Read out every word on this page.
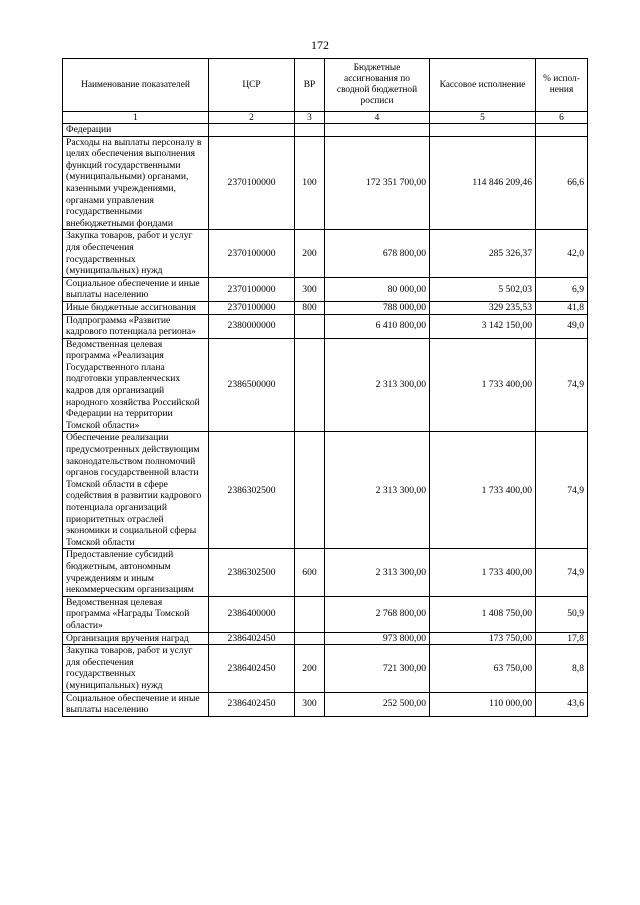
172
Наименование показателей	ЦСР	ВР	Бюджетные ассигнования по сводной бюджетной росписи	Кассовое исполнение	% испол-нения
1	2	3	4	5	6
Федерации					
Расходы на выплаты персоналу в целях обеспечения выполнения функций государственными (муниципальными) органами, казенными учреждениями, органами управления государственными внебюджетными фондами	2370100000	100	172 351 700,00	114 846 209,46	66,6
Закупка товаров, работ и услуг для обеспечения государственных (муниципальных) нужд	2370100000	200	678 800,00	285 326,37	42,0
Социальное обеспечение и иные выплаты населению	2370100000	300	80 000,00	5 502,03	6,9
Иные бюджетные ассигнования	2370100000	800	788 000,00	329 235,53	41,8
Подпрограмма «Развитие кадрового потенциала региона»	2380000000		6 410 800,00	3 142 150,00	49,0
Ведомственная целевая программа «Реализация Государственного плана подготовки управленческих кадров для организаций народного хозяйства Российской Федерации на территории Томской области»	2386500000		2 313 300,00	1 733 400,00	74,9
Обеспечение реализации предусмотренных действующим законодательством полномочий органов государственной власти Томской области в сфере содействия в развитии кадрового потенциала организаций приоритетных отраслей экономики и социальной сферы Томской области	2386302500		2 313 300,00	1 733 400,00	74,9
Предоставление субсидий бюджетным, автономным учреждениям и иным некоммерческим организациям	2386302500	600	2 313 300,00	1 733 400,00	74,9
Ведомственная целевая программа «Награды Томской области»	2386400000		2 768 800,00	1 408 750,00	50,9
Организация вручения наград	2386402450		973 800,00	173 750,00	17,8
Закупка товаров, работ и услуг для обеспечения государственных (муниципальных) нужд	2386402450	200	721 300,00	63 750,00	8,8
Социальное обеспечение и иные выплаты населению	2386402450	300	252 500,00	110 000,00	43,6
